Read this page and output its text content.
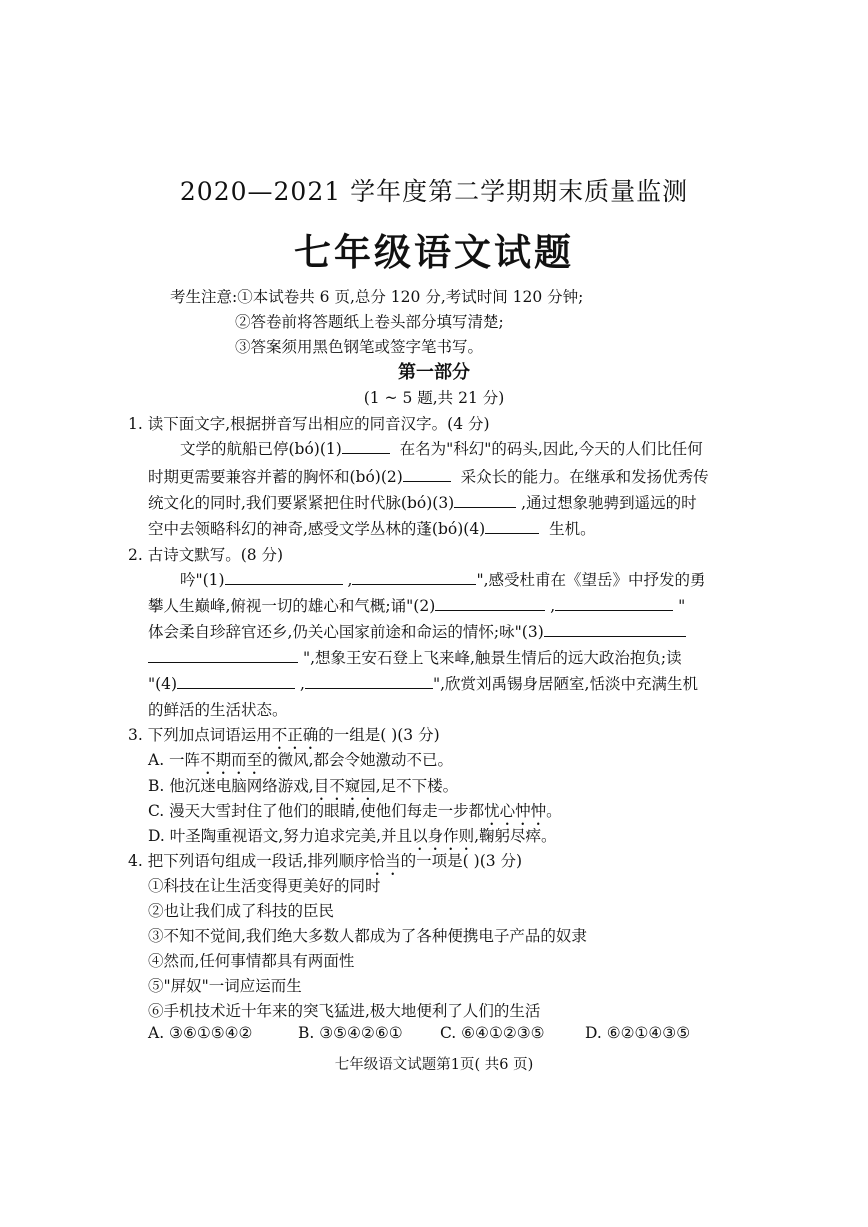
2020—2021 学年度第二学期期末质量监测
七年级语文试题
考生注意:①本试卷共 6 页,总分 120 分,考试时间 120 分钟;
②答卷前将答题纸上卷头部分填写清楚;
③答案须用黑色钢笔或签字笔书写。
第一部分
(1 ~ 5 题,共 21 分)
1. 读下面文字,根据拼音写出相应的同音汉字。(4 分)
文学的航船已停(bó)(1)	在名为"科幻"的码头,因此,今天的人们比任何
时期更需要兼容并蓄的胸怀和(bó)(2)	采众长的能力。在继承和发扬优秀传
统文化的同时,我们要紧紧把住时代脉(bó)(3)	,通过想象驰骋到遥远的时
空中去领略科幻的神奇,感受文学丛林的蓬(bó)(4)	生机。
2. 古诗文默写。(8 分)
吟"(1)	,	",感受杜甫在《望岳》中抒发的勇
攀人生巅峰,俯视一切的雄心和气概;诵"(2)	,	"
体会柔自珍辞官还乡,仍关心国家前途和命运的情怀;咏"(3)
",想象王安石登上飞来峰,触景生情后的远大政治抱负;读
"(4)	,	",欣赏刘禹锡身居陋室,恬淡中充满生机
的鲜活的生活状态。
3. 下列加点词语运用不正确的一组是( )(3 分)
A. 一阵不期而至的微风,都会令她激动不已。
B. 他沉迷电脑网络游戏,目不窥园,足不下楼。
C. 漫天大雪封住了他们的眼睛,使他们每走一步都忧心忡忡。
D. 叶圣陶重视语文,努力追求完美,并且以身作则,鞠躬尽瘁。
4. 把下列语句组成一段话,排列顺序恰当的一项是( )(3 分)
①科技在让生活变得更美好的同时
②也让我们成了科技的臣民
③不知不觉间,我们绝大多数人都成为了各种便携电子产品的奴隶
④然而,任何事情都具有两面性
⑤"屏奴"一词应运而生
⑥手机技术近十年来的突飞猛进,极大地便利了人们的生活
A. ③⑥①⑤④②	B. ③⑤④②⑥① C. ⑥④①②③⑤	D. ⑥②①④③⑤
七年级语文试题第1页( 共6 页)
